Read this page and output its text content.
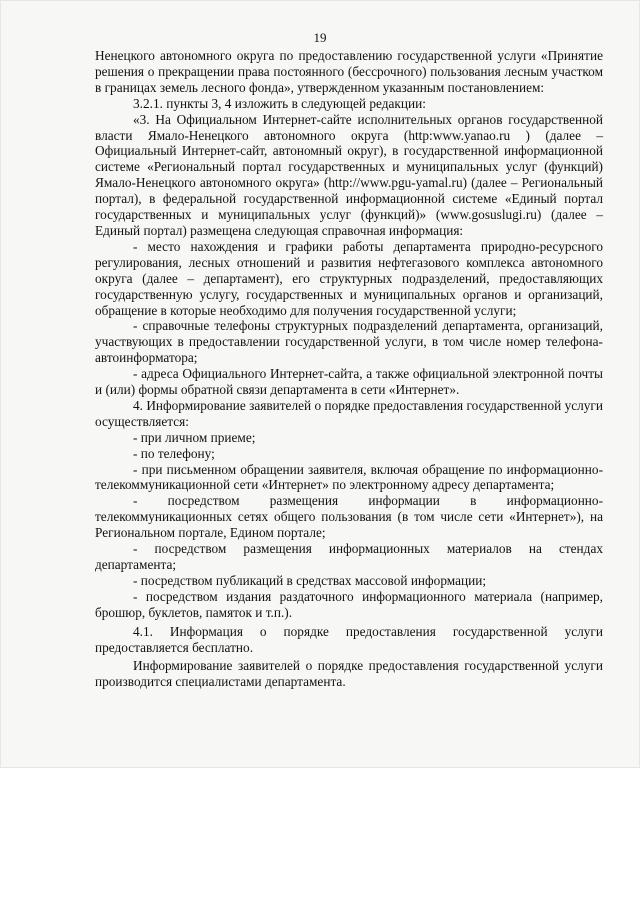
19

Ненецкого автономного округа по предоставлению государственной услуги «Принятие решения о прекращении права постоянного (бессрочного) пользования лесным участком в границах земель лесного фонда», утвержденном указанным постановлением:

3.2.1. пункты 3, 4 изложить в следующей редакции:

«3. На Официальном Интернет-сайте исполнительных органов государственной власти Ямало-Ненецкого автономного округа (http:www.yanao.ru ) (далее – Официальный Интернет-сайт, автономный округ), в государственной информационной системе «Региональный портал государственных и муниципальных услуг (функций) Ямало-Ненецкого автономного округа» (http://www.pgu-yamal.ru) (далее – Региональный портал), в федеральной государственной информационной системе «Единый портал государственных и муниципальных услуг (функций)» (www.gosuslugi.ru) (далее – Единый портал) размещена следующая справочная информация:

- место нахождения и графики работы департамента природно-ресурсного регулирования, лесных отношений и развития нефтегазового комплекса автономного округа (далее – департамент), его структурных подразделений, предоставляющих государственную услугу, государственных и муниципальных органов и организаций, обращение в которые необходимо для получения государственной услуги;

- справочные телефоны структурных подразделений департамента, организаций, участвующих в предоставлении государственной услуги, в том числе номер телефона-автоинформатора;

- адреса Официального Интернет-сайта, а также официальной электронной почты и (или) формы обратной связи департамента в сети «Интернет».

4. Информирование заявителей о порядке предоставления государственной услуги осуществляется:

- при личном приеме;

- по телефону;

- при письменном обращении заявителя, включая обращение по информационно-телекоммуникационной сети «Интернет» по электронному адресу департамента;

- посредством размещения информации в информационно-телекоммуникационных сетях общего пользования (в том числе сети «Интернет»), на Региональном портале, Едином портале;

- посредством размещения информационных материалов на стендах департамента;

- посредством публикаций в средствах массовой информации;

- посредством издания раздаточного информационного материала (например, брошюр, буклетов, памяток и т.п.).

4.1. Информация о порядке предоставления государственной услуги предоставляется бесплатно.

Информирование заявителей о порядке предоставления государственной услуги производится специалистами департамента.
